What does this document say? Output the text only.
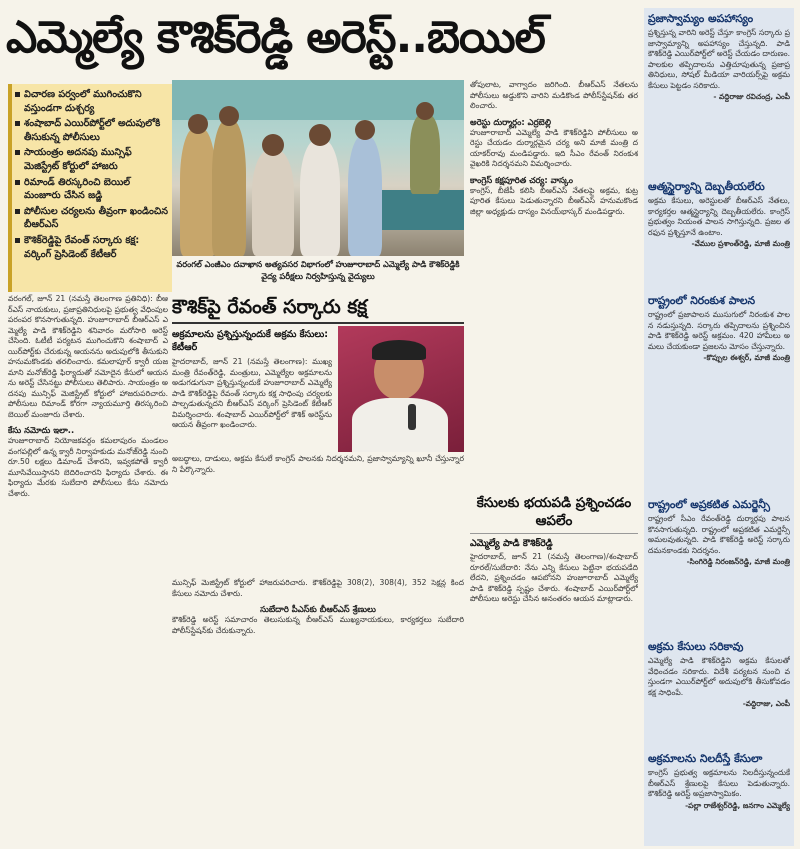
ఎమ్మెల్యే కౌశిక్‌రెడ్డి అరెస్ట్‌..బెయిల్‌
విచారణ పర్వంలో ముగించుకొని వస్తుండగా దుశ్చర్య
శంషాబాద్‌ ఎయిర్‌పోర్ట్‌లో అదుపులోకి తీసుకున్న పోలీసులు
సాయంత్రం అదనపు మున్సిఫ్‌ మెజిస్ట్రేట్‌ కోర్టులో హాజరు
రిమాండ్‌ తిరస్కరించి బెయిల్‌ మంజూరు చేసిన జడ్జి
పోలీసుల చర్యలను తీవ్రంగా ఖండించిన బీఆర్‌ఎస్‌
కౌశిక్‌రెడ్డిపై రేవంత్‌ సర్కారు కక్ష: వర్కింగ్‌ ప్రెసిడెంట్‌ కేటీఆర్‌
వరంగల్‌ ఎంజీఎం దవాఖాన అత్యవసర విభాగంలో హుజూరాబాద్‌ ఎమ్మెల్యే పాడి కౌశిక్‌రెడ్డికి వైద్య పరీక్షలు నిర్వహిస్తున్న వైద్యులు
వరంగల్‌, జూన్‌ 21 (నమస్తే తెలంగాణ ప్రతినిధి): బీఆర్‌ఎస్‌ నాయకులు, ప్రజాప్రతినిధులపై ప్రభుత్వ వేధింపుల పరంపర కొనసాగుతున్నది. హుజూరాబాద్‌ బీఆర్‌ఎస్‌ ఎమ్మెల్యే పాడి కౌశిక్‌రెడ్డిని శనివారం మరోసారి అరెస్ట్‌ చేసింది. ఓటీటీ పర్యటన ముగించుకొని శంషాబాద్‌ ఎయిర్‌పోర్ట్‌కు చేరుకున్న ఆయనను అదుపులోకి తీసుకుని హనుమకొండకు తరలించారు. కమలాపూర్‌ క్వారీ యజమాని మనోజ్‌రెడ్డి ఫిర్యాదుతో నమోదైన కేసులో ఆయనను అరెస్ట్‌ చేసినట్టు పోలీసులు తెలిపారు. సాయంత్రం అదనపు మున్సిఫ్‌ మెజిస్ట్రేట్‌ కోర్టులో హాజరుపరిచారు. పోలీసులు రిమాండ్‌ కోరగా న్యాయమూర్తి తిరస్కరించి బెయిల్‌ మంజూరు చేశారు.
కేసు నమోదు ఇలా..
హుజూరాబాద్‌ నియోజకవర్గం కమలాపురం మండలం వంగపల్లిలో ఉన్న క్వారీ నిర్వాహకుడు మనోజ్‌రెడ్డి నుంచి రూ.50 లక్షలు డిమాండ్‌ చేశారని, ఇవ్వకపోతే క్వారీ మూసివేయిస్తానని బెదిరించారని ఫిర్యాదు చేశారు. ఈ ఫిర్యాదు మేరకు సుబేదారి పోలీసులు కేసు నమోదు చేశారు.
కౌశిక్‌పై రేవంత్‌ సర్కారు కక్ష
అక్రమాలను ప్రశ్నిస్తున్నందుకే అక్రమ కేసులు: కేటీఆర్‌
హైదరాబాద్‌, జూన్‌ 21 (నమస్తే తెలంగాణ): ముఖ్యమంత్రి రేవంత్‌రెడ్డి, మంత్రులు, ఎమ్మెల్యేల అక్రమాలను అడుగడుగునా ప్రశ్నిస్తున్నందుకే హుజూరాబాద్‌ ఎమ్మెల్యే పాడి కౌశిక్‌రెడ్డిపై రేవంత్‌ సర్కారు కక్ష సాధింపు చర్యలకు పాల్పడుతున్నదని బీఆర్‌ఎస్‌ వర్కింగ్‌ ప్రెసిడెంట్‌ కేటీఆర్‌ విమర్శించారు. శంషాబాద్‌ ఎయిర్‌పోర్ట్‌లో కౌశిక్‌ అరెస్ట్‌ను ఆయన తీవ్రంగా ఖండించారు.
అబద్ధాలు, దాడులు, అక్రమ కేసులే కాంగ్రెస్‌ పాలనకు నిదర్శనమని, ప్రజాస్వామ్యాన్ని ఖూనీ చేస్తున్నారని పేర్కొన్నారు.
మున్సిఫ్‌ మెజిస్ట్రేట్‌ కోర్టులో హాజరుపరిచారు. కౌశిక్‌రెడ్డిపై 308(2), 308(4), 352 సెక్షన్ల కింద కేసులు నమోదు చేశారు.
సుబేదారి పీఎస్‌కు బీఆర్‌ఎస్‌ శ్రేణులు
కౌశిక్‌రెడ్డి అరెస్ట్‌ సమాచారం తెలుసుకున్న బీఆర్‌ఎస్‌ ముఖ్యనాయకులు, కార్యకర్తలు సుబేదారి పోలీస్‌స్టేషన్‌కు చేరుకున్నారు.
తోపులాట, వాగ్వాదం జరిగింది. బీఆర్‌ఎస్‌ నేతలను పోలీసులు అడ్డుకొని వారిని మడికొండ పోలీస్‌స్టేషన్‌కు తరలించారు.
అరెస్టు దుర్మార్గం: ఎర్రబెల్లి
హుజూరాబాద్‌ ఎమ్మెల్యే పాడి కౌశిక్‌రెడ్డిని పోలీసులు అరెస్టు చేయడం దుర్మార్గమైన చర్య అని మాజీ మంత్రి దయాకర్‌రావు మండిపడ్డారు. ఇది సీఎం రేవంత్‌ నిరంకుశ వైఖరికి నిదర్శనమని విమర్శించారు.
కాంగ్రెస్‌ కక్షపూరిత చర్య: వాస్కం
కాంగ్రెస్‌, బీజేపీ కలిసి బీఆర్‌ఎస్‌ నేతలపై అక్రమ, కుట్రపూరిత కేసులు పెడుతున్నారని బీఆర్‌ఎస్‌ హనుమకొండ జిల్లా అధ్యక్షుడు దాస్యం వినయ్‌భాస్కర్‌ మండిపడ్డారు.
కేసులకు భయపడి ప్రశ్నించడం ఆపలేం
ఎమ్మెల్యే పాడి కౌశిక్‌రెడ్డి
హైదరాబాద్‌, జూన్‌ 21 (నమస్తే తెలంగాణ)/శంషాబాద్‌ రూరల్‌/సుబేదారి: నేను ఎన్ని కేసులు పెట్టినా భయపడేది లేదని, ప్రశ్నించడం ఆపబోనని హుజూరాబాద్‌ ఎమ్మెల్యే పాడి కౌశిక్‌రెడ్డి స్పష్టం చేశారు. శంషాబాద్‌ ఎయిర్‌పోర్ట్‌లో పోలీసులు అరెస్టు చేసిన అనంతరం ఆయన మాట్లాడారు.
ప్రజాస్వామ్యం అపహాస్యం
ప్రశ్నిస్తున్న వారిని అరెస్ట్‌ చేస్తూ కాంగ్రెస్‌ సర్కారు ప్రజాస్వామ్యాన్ని అపహాస్యం చేస్తున్నది. పాడి కౌశిక్‌రెడ్డి ఎయిర్‌పోర్ట్‌లో అరెస్ట్‌ చేయడం దారుణం. పాలకుల తప్పిదాలను ఎత్తిచూపుతున్న ప్రజాప్రతినిధులు, సోషల్‌ మీడియా వారియర్స్‌పై అక్రమ కేసులు పెట్టడం సరికాదు.
- వద్దిరాజు రవిచంద్ర, ఎంపీ
ఆత్మస్థైర్యాన్ని దెబ్బతీయలేరు
అక్రమ కేసులు, అరెస్టులతో బీఆర్‌ఎస్‌ నేతలు, కార్యకర్తల ఆత్మస్థైర్యాన్ని దెబ్బతీయలేరు. కాంగ్రెస్‌ ప్రభుత్వం నియంత పాలన సాగిస్తున్నది. ప్రజల తరఫున ప్రశ్నిస్తూనే ఉంటాం.
-వేముల ప్రశాంత్‌రెడ్డి, మాజీ మంత్రి
రాష్ట్రంలో నిరంకుశ పాలన
రాష్ట్రంలో ప్రజాపాలన ముసుగులో నిరంకుశ పాలన నడుస్తున్నది. సర్కారు తప్పిదాలను ప్రశ్నించిన పాడి కౌశిక్‌రెడ్డి అరెస్ట్‌ అక్రమం. 420 హామీలు అమలు చేయకుండా ప్రజలను మోసం చేస్తున్నారు.
-కొప్పుల ఈశ్వర్‌, మాజీ మంత్రి
రాష్ట్రంలో అప్రకటిత ఎమర్జెన్సీ
రాష్ట్రంలో సీఎం రేవంత్‌రెడ్డి దుర్మార్గపు పాలన కొనసాగుతున్నది. రాష్ట్రంలో అప్రకటిత ఎమర్జెన్సీ అమలవుతున్నది. పాడి కౌశిక్‌రెడ్డి అరెస్ట్‌ సర్కారు దమనకాండకు నిదర్శనం.
-సింగిరెడ్డి నిరంజన్‌రెడ్డి, మాజీ మంత్రి
అక్రమ కేసులు సరికావు
ఎమ్మెల్యే పాడి కౌశిక్‌రెడ్డిని అక్రమ కేసులతో వేధించడం సరికాదు. విదేశీ పర్యటన నుంచి వస్తుండగా ఎయిర్‌పోర్ట్‌లో అదుపులోకి తీసుకోవడం కక్ష సాధింపే.
-వద్దిరాజు, ఎంపీ
అక్రమాలను నిలదీస్తే కేసులా
కాంగ్రెస్‌ ప్రభుత్వ అక్రమాలను నిలదీస్తున్నందుకే బీఆర్‌ఎస్‌ శ్రేణులపై కేసులు పెడుతున్నారు. కౌశిక్‌రెడ్డి అరెస్ట్‌ అప్రజాస్వామికం.
-పల్లా రాజేశ్వర్‌రెడ్డి, జనగాం ఎమ్మెల్యే
